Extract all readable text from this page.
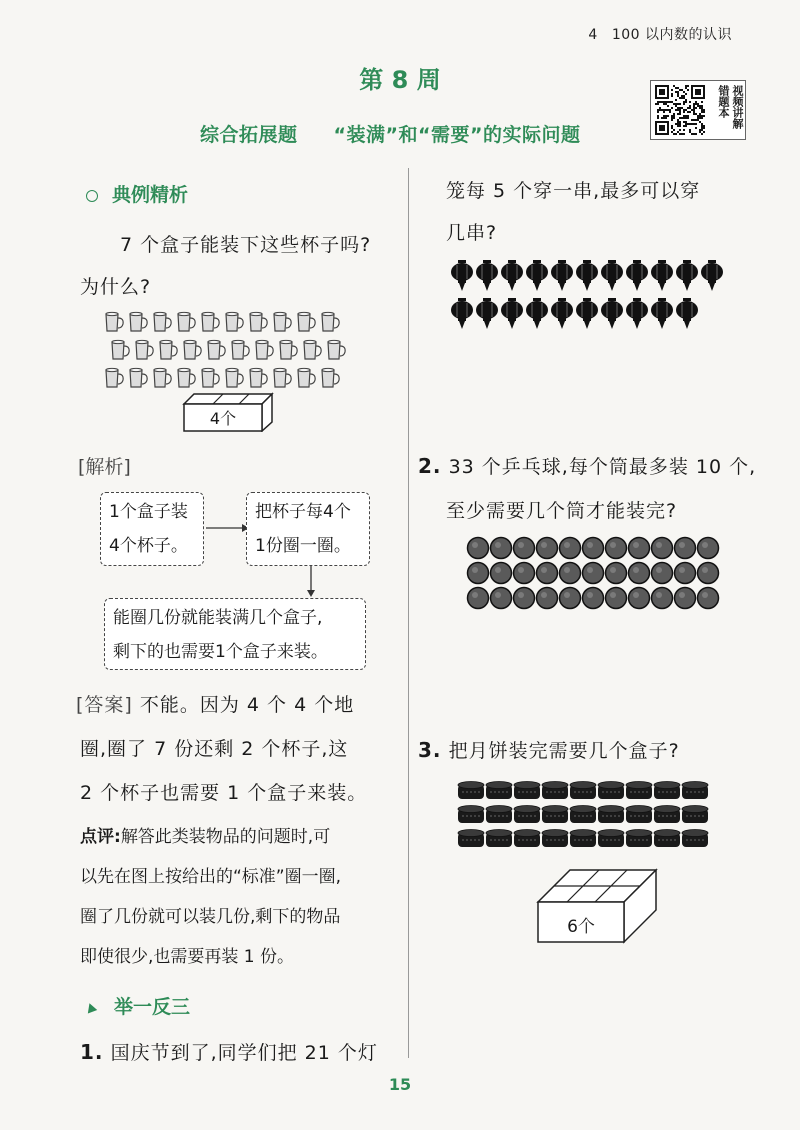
4 100 以内数的认识
第 8 周
综合拓展题 “装满”和“需要”的实际问题
视频讲解
错题本
典例精析
7 个盒子能装下这些杯子吗?
为什么?
4个
[解析]
1个盒子装
4个杯子。
把杯子每4个
1份圈一圈。
能圈几份就能装满几个盒子,
剩下的也需要1个盒子来装。
[答案] 不能。因为 4 个 4 个地
圈,圈了 7 份还剩 2 个杯子,这
2 个杯子也需要 1 个盒子来装。
点评:解答此类装物品的问题时,可
以先在图上按给出的“标准”圈一圈,
圈了几份就可以装几份,剩下的物品
即使很少,也需要再装 1 份。
举一反三
1. 国庆节到了,同学们把 21 个灯
笼每 5 个穿一串,最多可以穿
几串?
2. 33 个乒乓球,每个筒最多装 10 个,
至少需要几个筒才能装完?
3. 把月饼装完需要几个盒子?
6个
15
